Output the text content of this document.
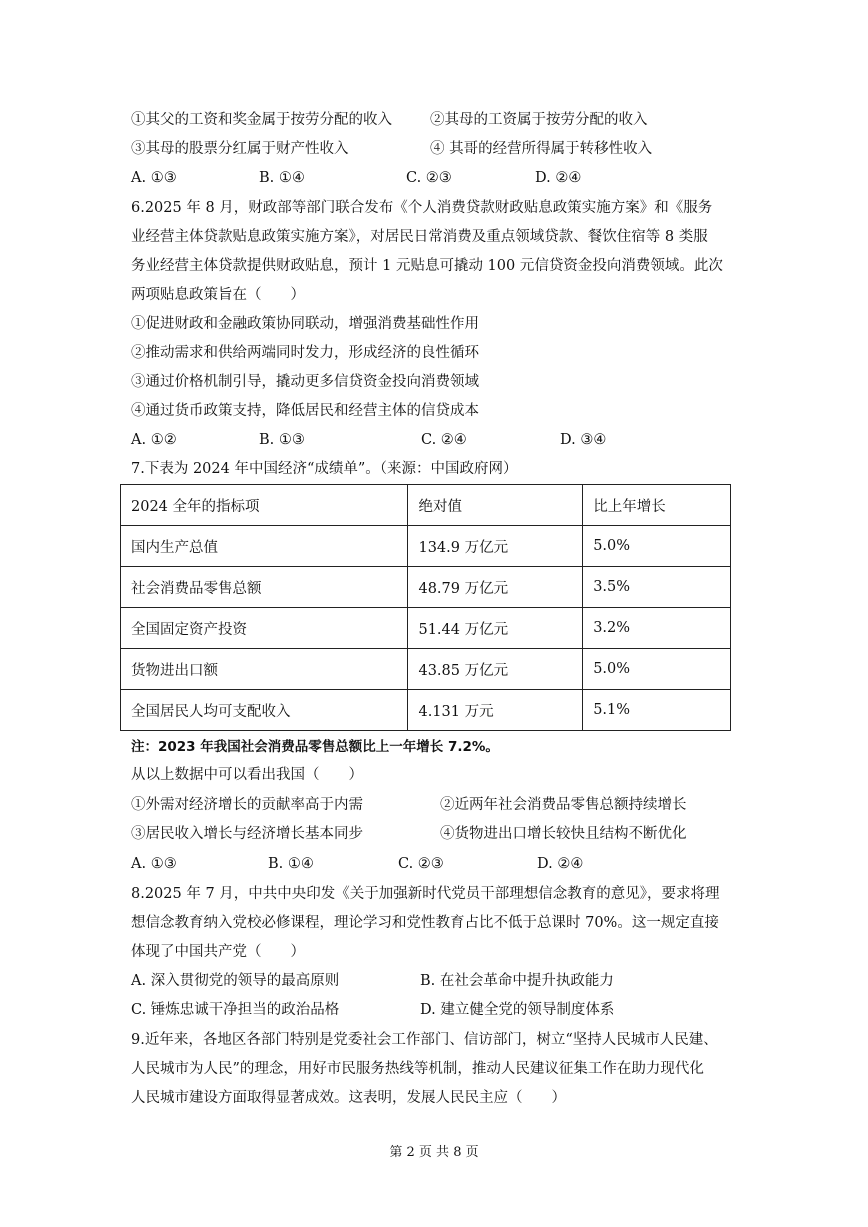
①其父的工资和奖金属于按劳分配的收入	②其母的工资属于按劳分配的收入
③其母的股票分红属于财产性收入	④ 其哥的经营所得属于转移性收入
A. ①③	B. ①④	C. ②③	D. ②④
6.2025 年 8 月，财政部等部门联合发布《个人消费贷款财政贴息政策实施方案》和《服务
业经营主体贷款贴息政策实施方案》，对居民日常消费及重点领域贷款、餐饮住宿等 8 类服
务业经营主体贷款提供财政贴息，预计 1 元贴息可撬动 100 元信贷资金投向消费领域。此次
两项贴息政策旨在（　　）
①促进财政和金融政策协同联动，增强消费基础性作用
②推动需求和供给两端同时发力，形成经济的良性循环
③通过价格机制引导，撬动更多信贷资金投向消费领域
④通过货币政策支持，降低居民和经营主体的信贷成本
A. ①②	B. ①③	C. ②④	D. ③④
7.下表为 2024 年中国经济“成绩单”。（来源：中国政府网）
2024 全年的指标项	绝对值	比上年增长
国内生产总值	134.9 万亿元	5.0%
社会消费品零售总额	48.79 万亿元	3.5%
全国固定资产投资	51.44 万亿元	3.2%
货物进出口额	43.85 万亿元	5.0%
全国居民人均可支配收入	4.131 万元	5.1%
注：2023 年我国社会消费品零售总额比上一年增长 7.2%。
从以上数据中可以看出我国（　　）
①外需对经济增长的贡献率高于内需	②近两年社会消费品零售总额持续增长
③居民收入增长与经济增长基本同步	④货物进出口增长较快且结构不断优化
A. ①③	B. ①④	C. ②③	D. ②④
8.2025 年 7 月，中共中央印发《关于加强新时代党员干部理想信念教育的意见》，要求将理
想信念教育纳入党校必修课程，理论学习和党性教育占比不低于总课时 70%。这一规定直接
体现了中国共产党（　　）
A. 深入贯彻党的领导的最高原则	B. 在社会革命中提升执政能力
C. 锤炼忠诚干净担当的政治品格	D. 建立健全党的领导制度体系
9.近年来，各地区各部门特别是党委社会工作部门、信访部门，树立“坚持人民城市人民建、
人民城市为人民”的理念，用好市民服务热线等机制，推动人民建议征集工作在助力现代化
人民城市建设方面取得显著成效。这表明，发展人民民主应（　　）
第 2 页 共 8 页
